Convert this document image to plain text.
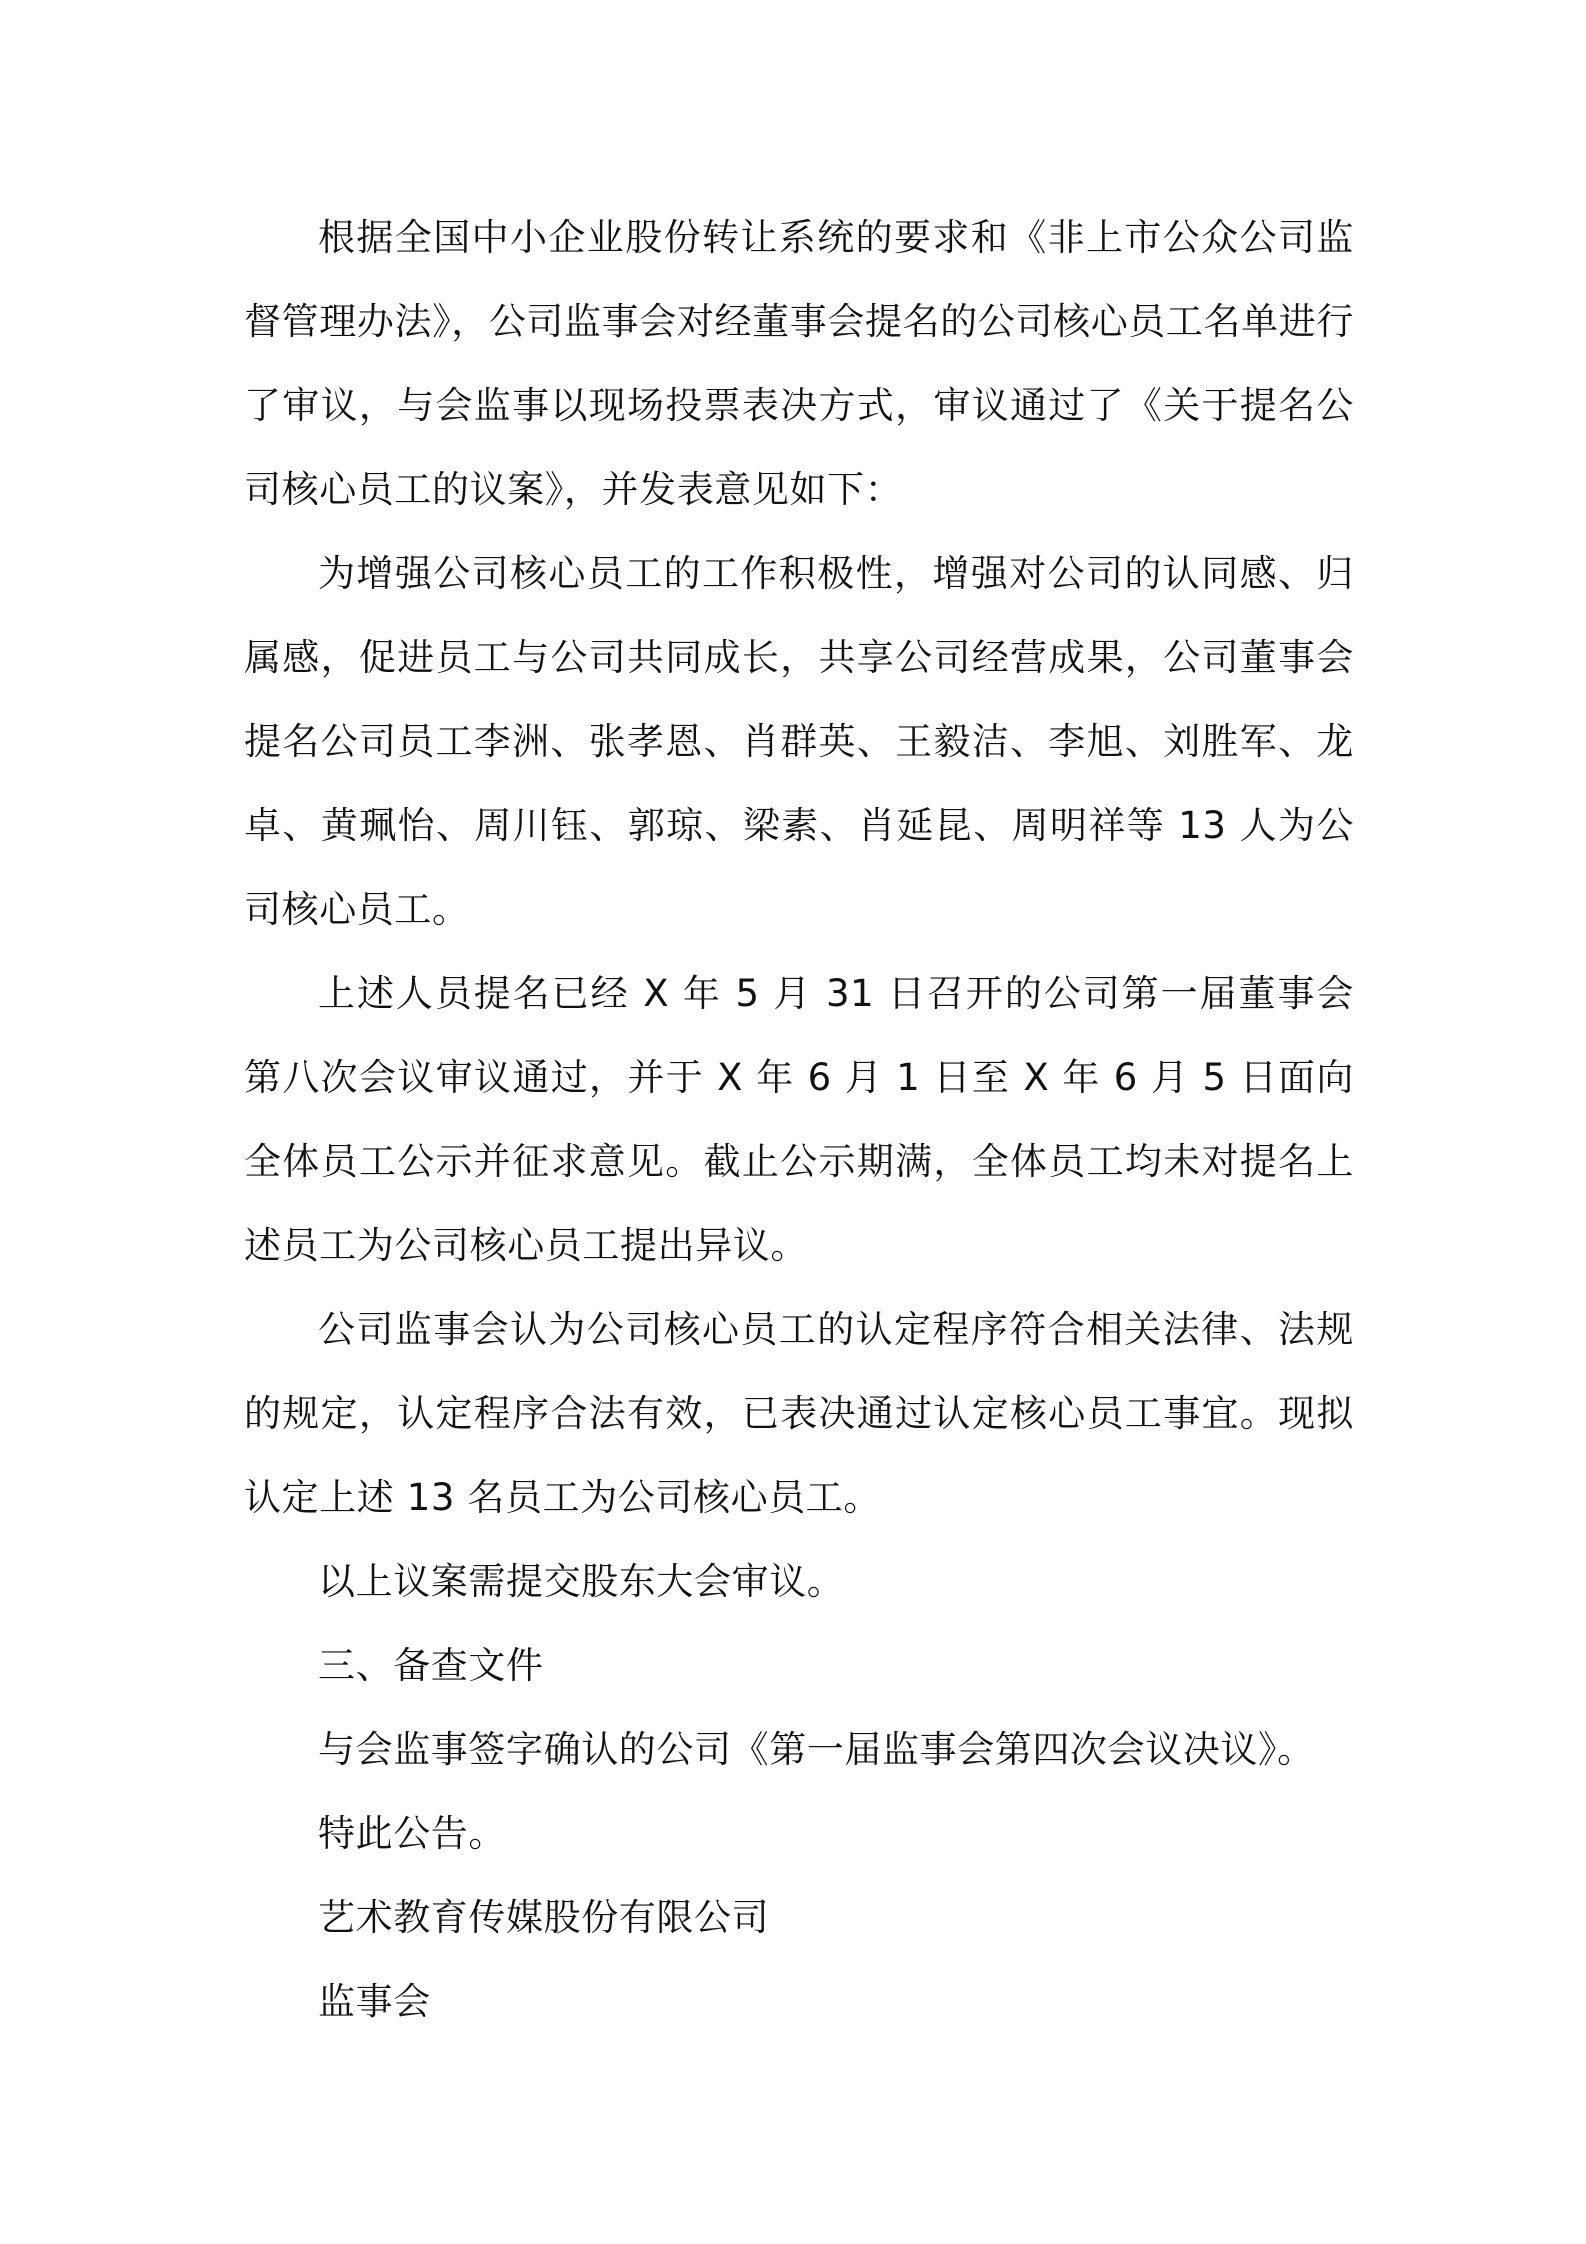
根据全国中小企业股份转让系统的要求和《非上市公众公司监督管理办法》，公司监事会对经董事会提名的公司核心员工名单进行了审议，与会监事以现场投票表决方式，审议通过了《关于提名公司核心员工的议案》，并发表意见如下：

为增强公司核心员工的工作积极性，增强对公司的认同感、归属感，促进员工与公司共同成长，共享公司经营成果，公司董事会提名公司员工李洲、张孝恩、肖群英、王毅洁、李旭、刘胜军、龙卓、黄珮怡、周川钰、郭琼、梁素、肖延昆、周明祥等 13 人为公司核心员工。

上述人员提名已经 X 年 5 月 31 日召开的公司第一届董事会第八次会议审议通过，并于 X 年 6 月 1 日至 X 年 6 月 5 日面向全体员工公示并征求意见。截止公示期满，全体员工均未对提名上述员工为公司核心员工提出异议。

公司监事会认为公司核心员工的认定程序符合相关法律、法规的规定，认定程序合法有效，已表决通过认定核心员工事宜。现拟认定上述 13 名员工为公司核心员工。

以上议案需提交股东大会审议。

三、备查文件

与会监事签字确认的公司《第一届监事会第四次会议决议》。

特此公告。

艺术教育传媒股份有限公司

监事会
